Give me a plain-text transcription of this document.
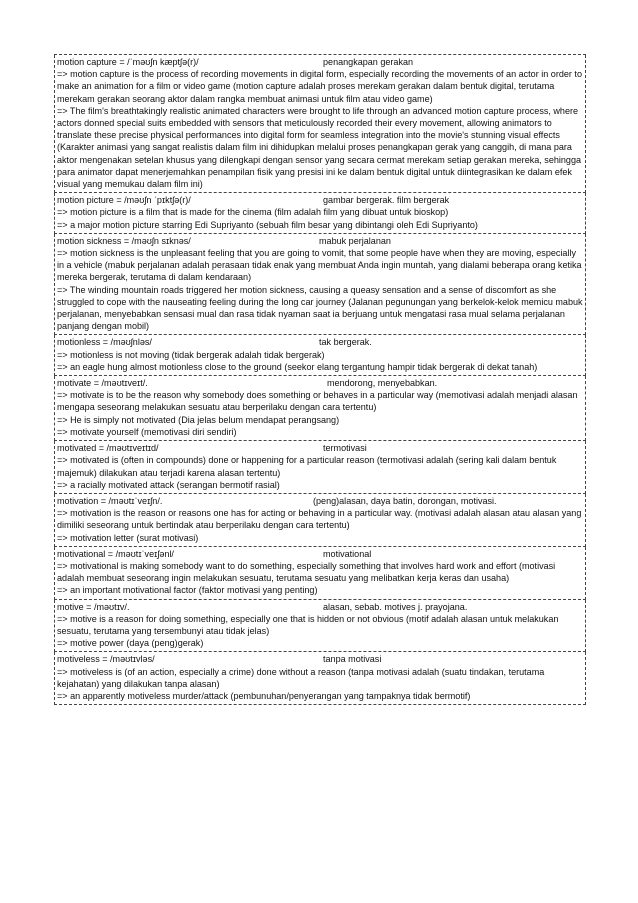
motion capture = /ˈməʊʃn kæptʃə(r)/	penangkapan gerakan
=> motion capture is the process of recording movements in digital form, especially recording the movements of an actor in order to make an animation for a film or video game (motion capture adalah proses merekam gerakan dalam bentuk digital, terutama merekam gerakan seorang aktor dalam rangka membuat animasi untuk film atau video game)
=> The film's breathtakingly realistic animated characters were brought to life through an advanced motion capture process, where actors donned special suits embedded with sensors that meticulously recorded their every movement, allowing animators to translate these precise physical performances into digital form for seamless integration into the movie's stunning visual effects (Karakter animasi yang sangat realistis dalam film ini dihidupkan melalui proses penangkapan gerak yang canggih, di mana para aktor mengenakan setelan khusus yang dilengkapi dengan sensor yang secara cermat merekam setiap gerakan mereka, sehingga para animator dapat menerjemahkan penampilan fisik yang presisi ini ke dalam bentuk digital untuk diintegrasikan ke dalam efek visual yang memukau dalam film ini)
motion picture = /məʊʃn ˈpɪktʃə(r)/	gambar bergerak. film bergerak
=> motion picture is a film that is made for the cinema (film adalah film yang dibuat untuk bioskop)
=> a major motion picture starring Edi Supriyanto (sebuah film besar yang dibintangi oleh Edi Supriyanto)
motion sickness = /məʊʃn sɪknəs/	mabuk perjalanan
=> motion sickness is the unpleasant feeling that you are going to vomit, that some people have when they are moving, especially in a vehicle (mabuk perjalanan adalah perasaan tidak enak yang membuat Anda ingin muntah, yang dialami beberapa orang ketika mereka bergerak, terutama di dalam kendaraan)
=> The winding mountain roads triggered her motion sickness, causing a queasy sensation and a sense of discomfort as she struggled to cope with the nauseating feeling during the long car journey (Jalanan pegunungan yang berkelok-kelok memicu mabuk perjalanan, menyebabkan sensasi mual dan rasa tidak nyaman saat ia berjuang untuk mengatasi rasa mual selama perjalanan panjang dengan mobil)
motionless = /məʊʃnləs/	tak bergerak.
=> motionless is not moving (tidak bergerak adalah tidak bergerak)
=> an eagle hung almost motionless close to the ground (seekor elang tergantung hampir tidak bergerak di dekat tanah)
motivate = /məʊtɪveɪt/.	mendorong, menyebabkan.
=> motivate is to be the reason why somebody does something or behaves in a particular way (memotivasi adalah menjadi alasan mengapa seseorang melakukan sesuatu atau berperilaku dengan cara tertentu)
=> He is simply not motivated (Dia jelas belum mendapat perangsang)
=> motivate yourself (memotivasi diri sendiri)
motivated = /məʊtɪveɪtɪd/	termotivasi
=> motivated is (often in compounds) done or happening for a particular reason (termotivasi adalah (sering kali dalam bentuk majemuk) dilakukan atau terjadi karena alasan tertentu)
=> a racially motivated attack (serangan bermotif rasial)
motivation = /məʊtɪˈveɪʃn/.	(peng)alasan, daya batin, dorongan, motivasi.
=> motivation is the reason or reasons one has for acting or behaving in a particular way. (motivasi adalah alasan atau alasan yang dimiliki seseorang untuk bertindak atau berperilaku dengan cara tertentu)
=> motivation letter (surat motivasi)
motivational = /məʊtɪˈveɪʃənl/	motivational
=> motivational is making somebody want to do something, especially something that involves hard work and effort (motivasi adalah membuat seseorang ingin melakukan sesuatu, terutama sesuatu yang melibatkan kerja keras dan usaha)
=> an important motivational factor (faktor motivasi yang penting)
motive = /məʊtɪv/.	alasan, sebab. motives j. prayojana.
=> motive is a reason for doing something, especially one that is hidden or not obvious (motif adalah alasan untuk melakukan sesuatu, terutama yang tersembunyi atau tidak jelas)
=> motive power (daya (peng)gerak)
motiveless = /məʊtɪvləs/	tanpa motivasi
=> motiveless is (of an action, especially a crime) done without a reason (tanpa motivasi adalah (suatu tindakan, terutama kejahatan) yang dilakukan tanpa alasan)
=> an apparently motiveless murder/attack (pembunuhan/penyerangan yang tampaknya tidak bermotif)
